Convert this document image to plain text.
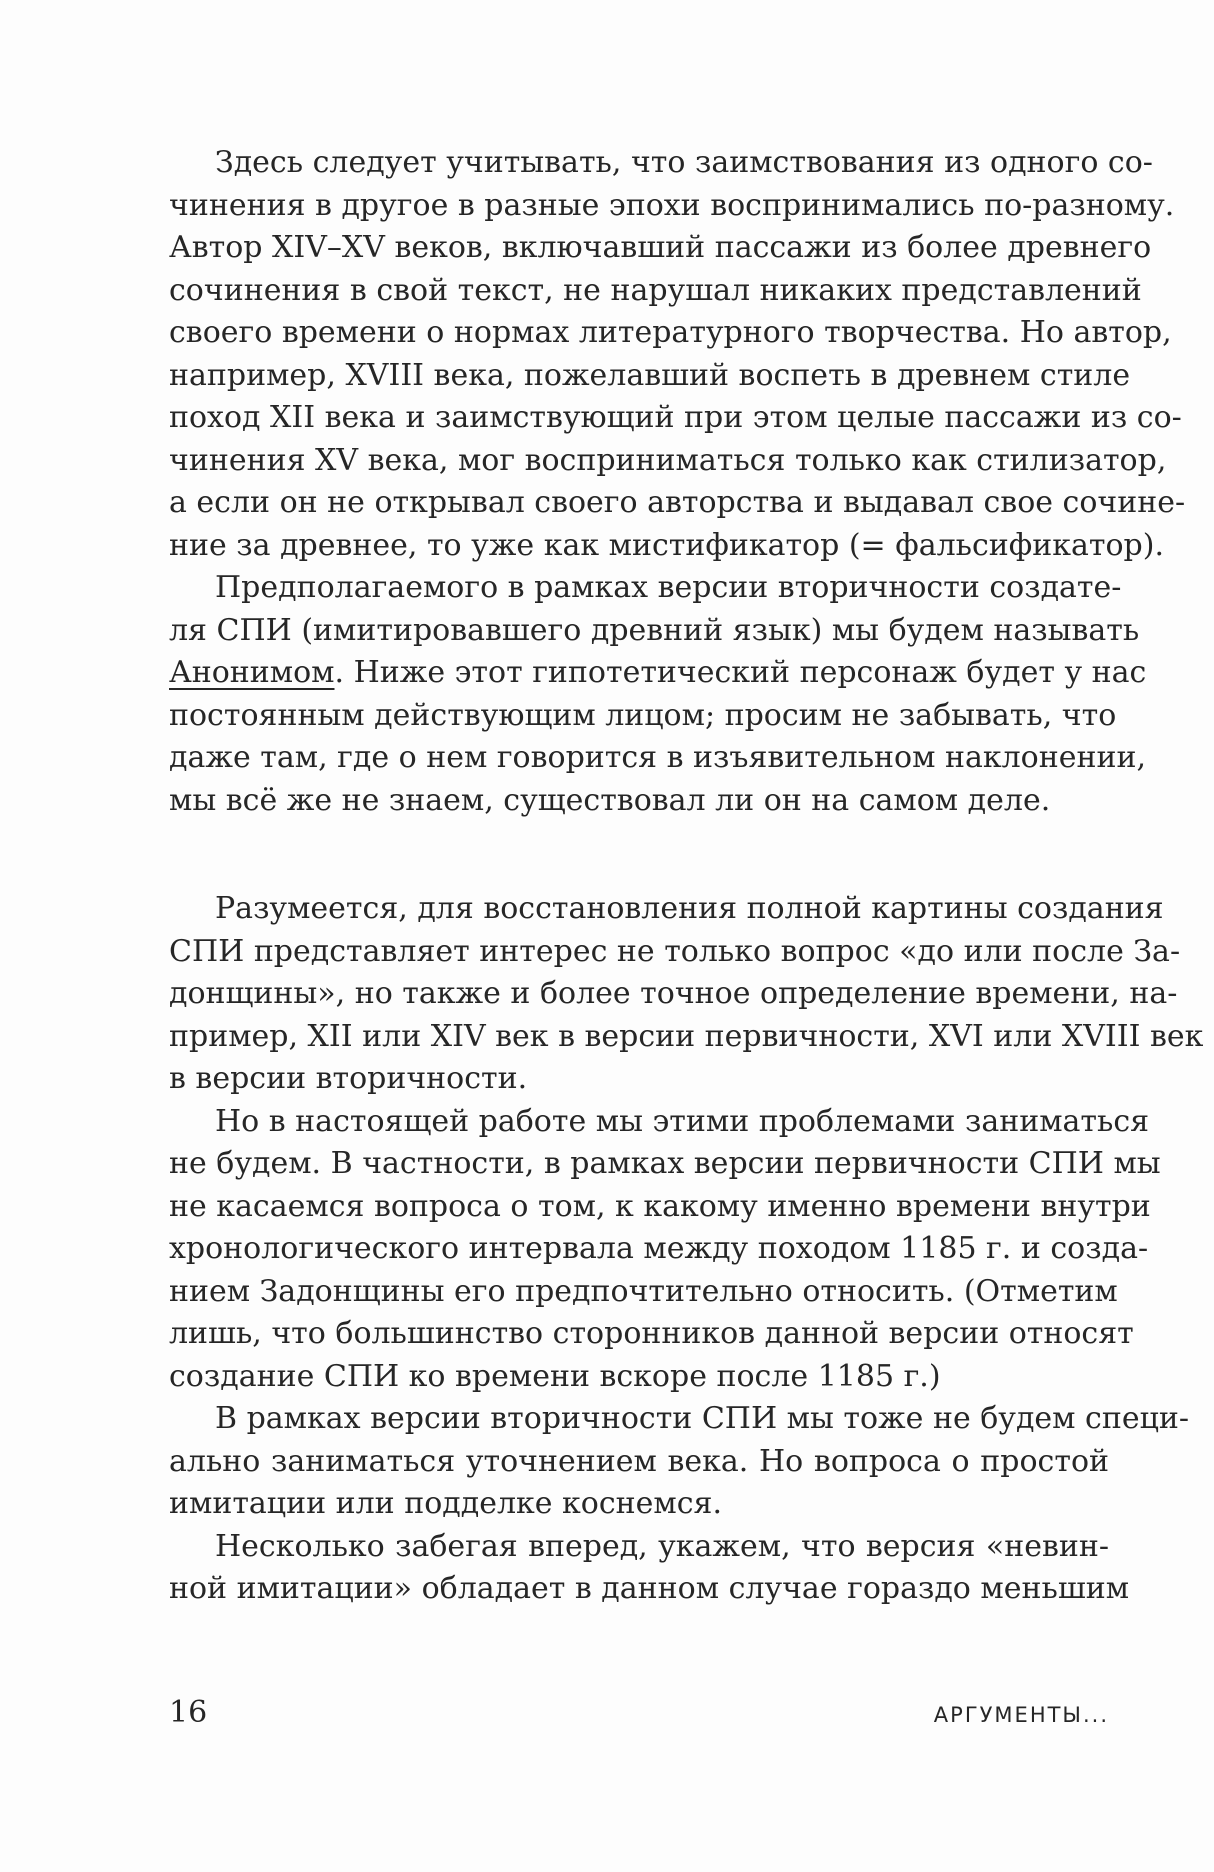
Здесь следует учитывать, что заимствования из одного со-
чинения в другое в разные эпохи воспринимались по-разному.
Автор XIV–XV веков, включавший пассажи из более древнего
сочинения в свой текст, не нарушал никаких представлений
своего времени о нормах литературного творчества. Но автор,
например, XVIII века, пожелавший воспеть в древнем стиле
поход XII века и заимствующий при этом целые пассажи из со-
чинения XV века, мог восприниматься только как стилизатор,
а если он не открывал своего авторства и выдавал свое сочине-
ние за древнее, то уже как мистификатор (= фальсификатор).
Предполагаемого в рамках версии вторичности создате-
ля СПИ (имитировавшего древний язык) мы будем называть
Анонимом. Ниже этот гипотетический персонаж будет у нас
постоянным действующим лицом; просим не забывать, что
даже там, где о нем говорится в изъявительном наклонении,
мы всё же не знаем, существовал ли он на самом деле.
Разумеется, для восстановления полной картины создания
СПИ представляет интерес не только вопрос «до или после За-
донщины», но также и более точное определение времени, на-
пример, XII или XIV век в версии первичности, XVI или XVIII век
в версии вторичности.
Но в настоящей работе мы этими проблемами заниматься
не будем. В частности, в рамках версии первичности СПИ мы
не касаемся вопроса о том, к какому именно времени внутри
хронологического интервала между походом 1185 г. и созда-
нием Задонщины его предпочтительно относить. (Отметим
лишь, что большинство сторонников данной версии относят
создание СПИ ко времени вскоре после 1185 г.)
В рамках версии вторичности СПИ мы тоже не будем специ-
ально заниматься уточнением века. Но вопроса о простой
имитации или подделке коснемся.
Несколько забегая вперед, укажем, что версия «невин-
ной имитации» обладает в данном случае гораздо меньшим
16	АРГУМЕНТЫ...
